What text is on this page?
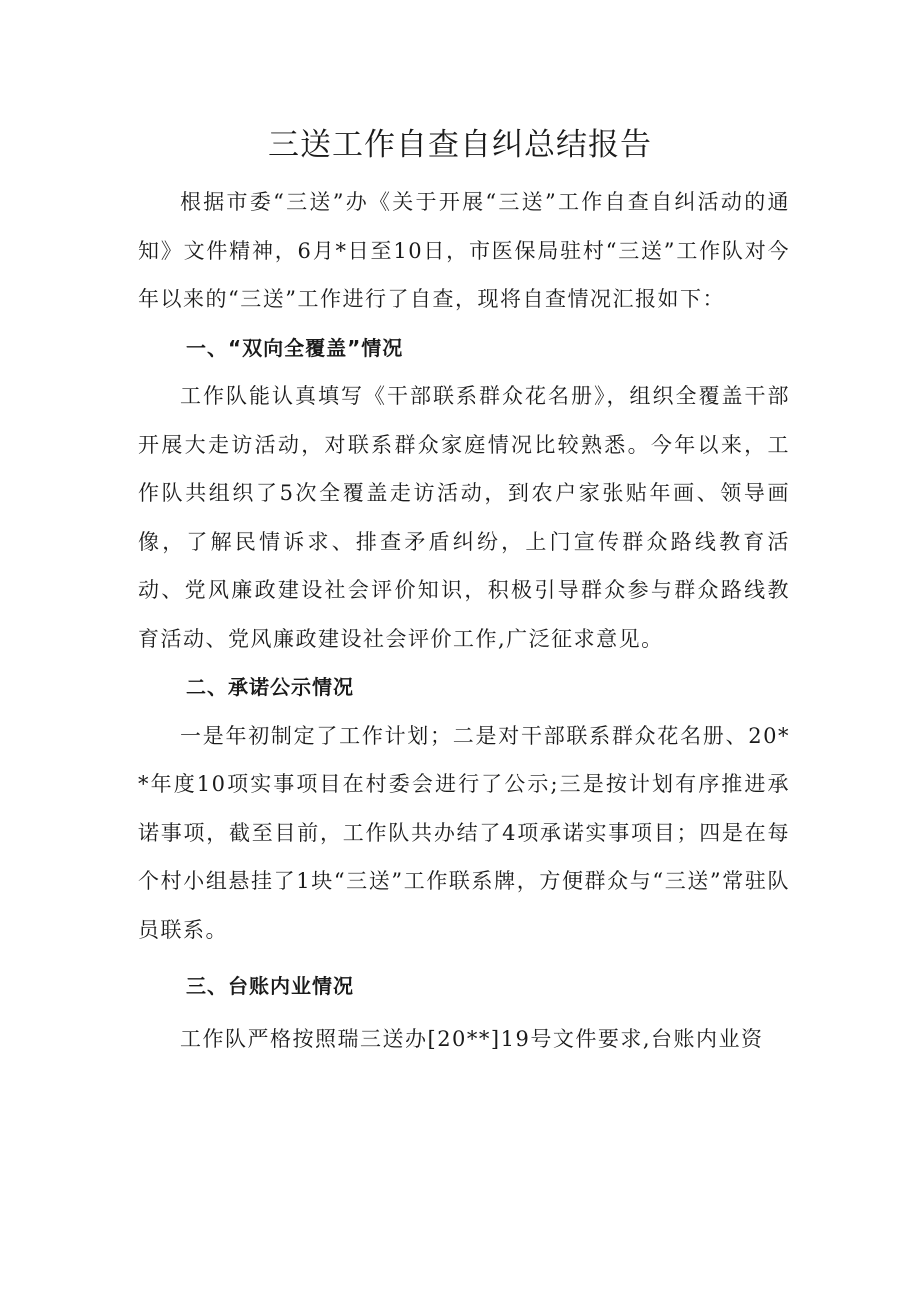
三送工作自查自纠总结报告

根据市委“三送”办《关于开展“三送”工作自查自纠活动的通知》文件精神，6月*日至10日，市医保局驻村“三送”工作队对今年以来的“三送”工作进行了自查，现将自查情况汇报如下：

一、“双向全覆盖”情况

工作队能认真填写《干部联系群众花名册》，组织全覆盖干部开展大走访活动，对联系群众家庭情况比较熟悉。今年以来，工作队共组织了5次全覆盖走访活动，到农户家张贴年画、领导画像，了解民情诉求、排查矛盾纠纷，上门宣传群众路线教育活动、党风廉政建设社会评价知识，积极引导群众参与群众路线教育活动、党风廉政建设社会评价工作,广泛征求意见。

二、承诺公示情况

一是年初制定了工作计划；二是对干部联系群众花名册、20**年度10项实事项目在村委会进行了公示;三是按计划有序推进承诺事项，截至目前，工作队共办结了4项承诺实事项目；四是在每个村小组悬挂了1块“三送”工作联系牌，方便群众与“三送”常驻队员联系。

三、台账内业情况

工作队严格按照瑞三送办[20**]19号文件要求,台账内业资
